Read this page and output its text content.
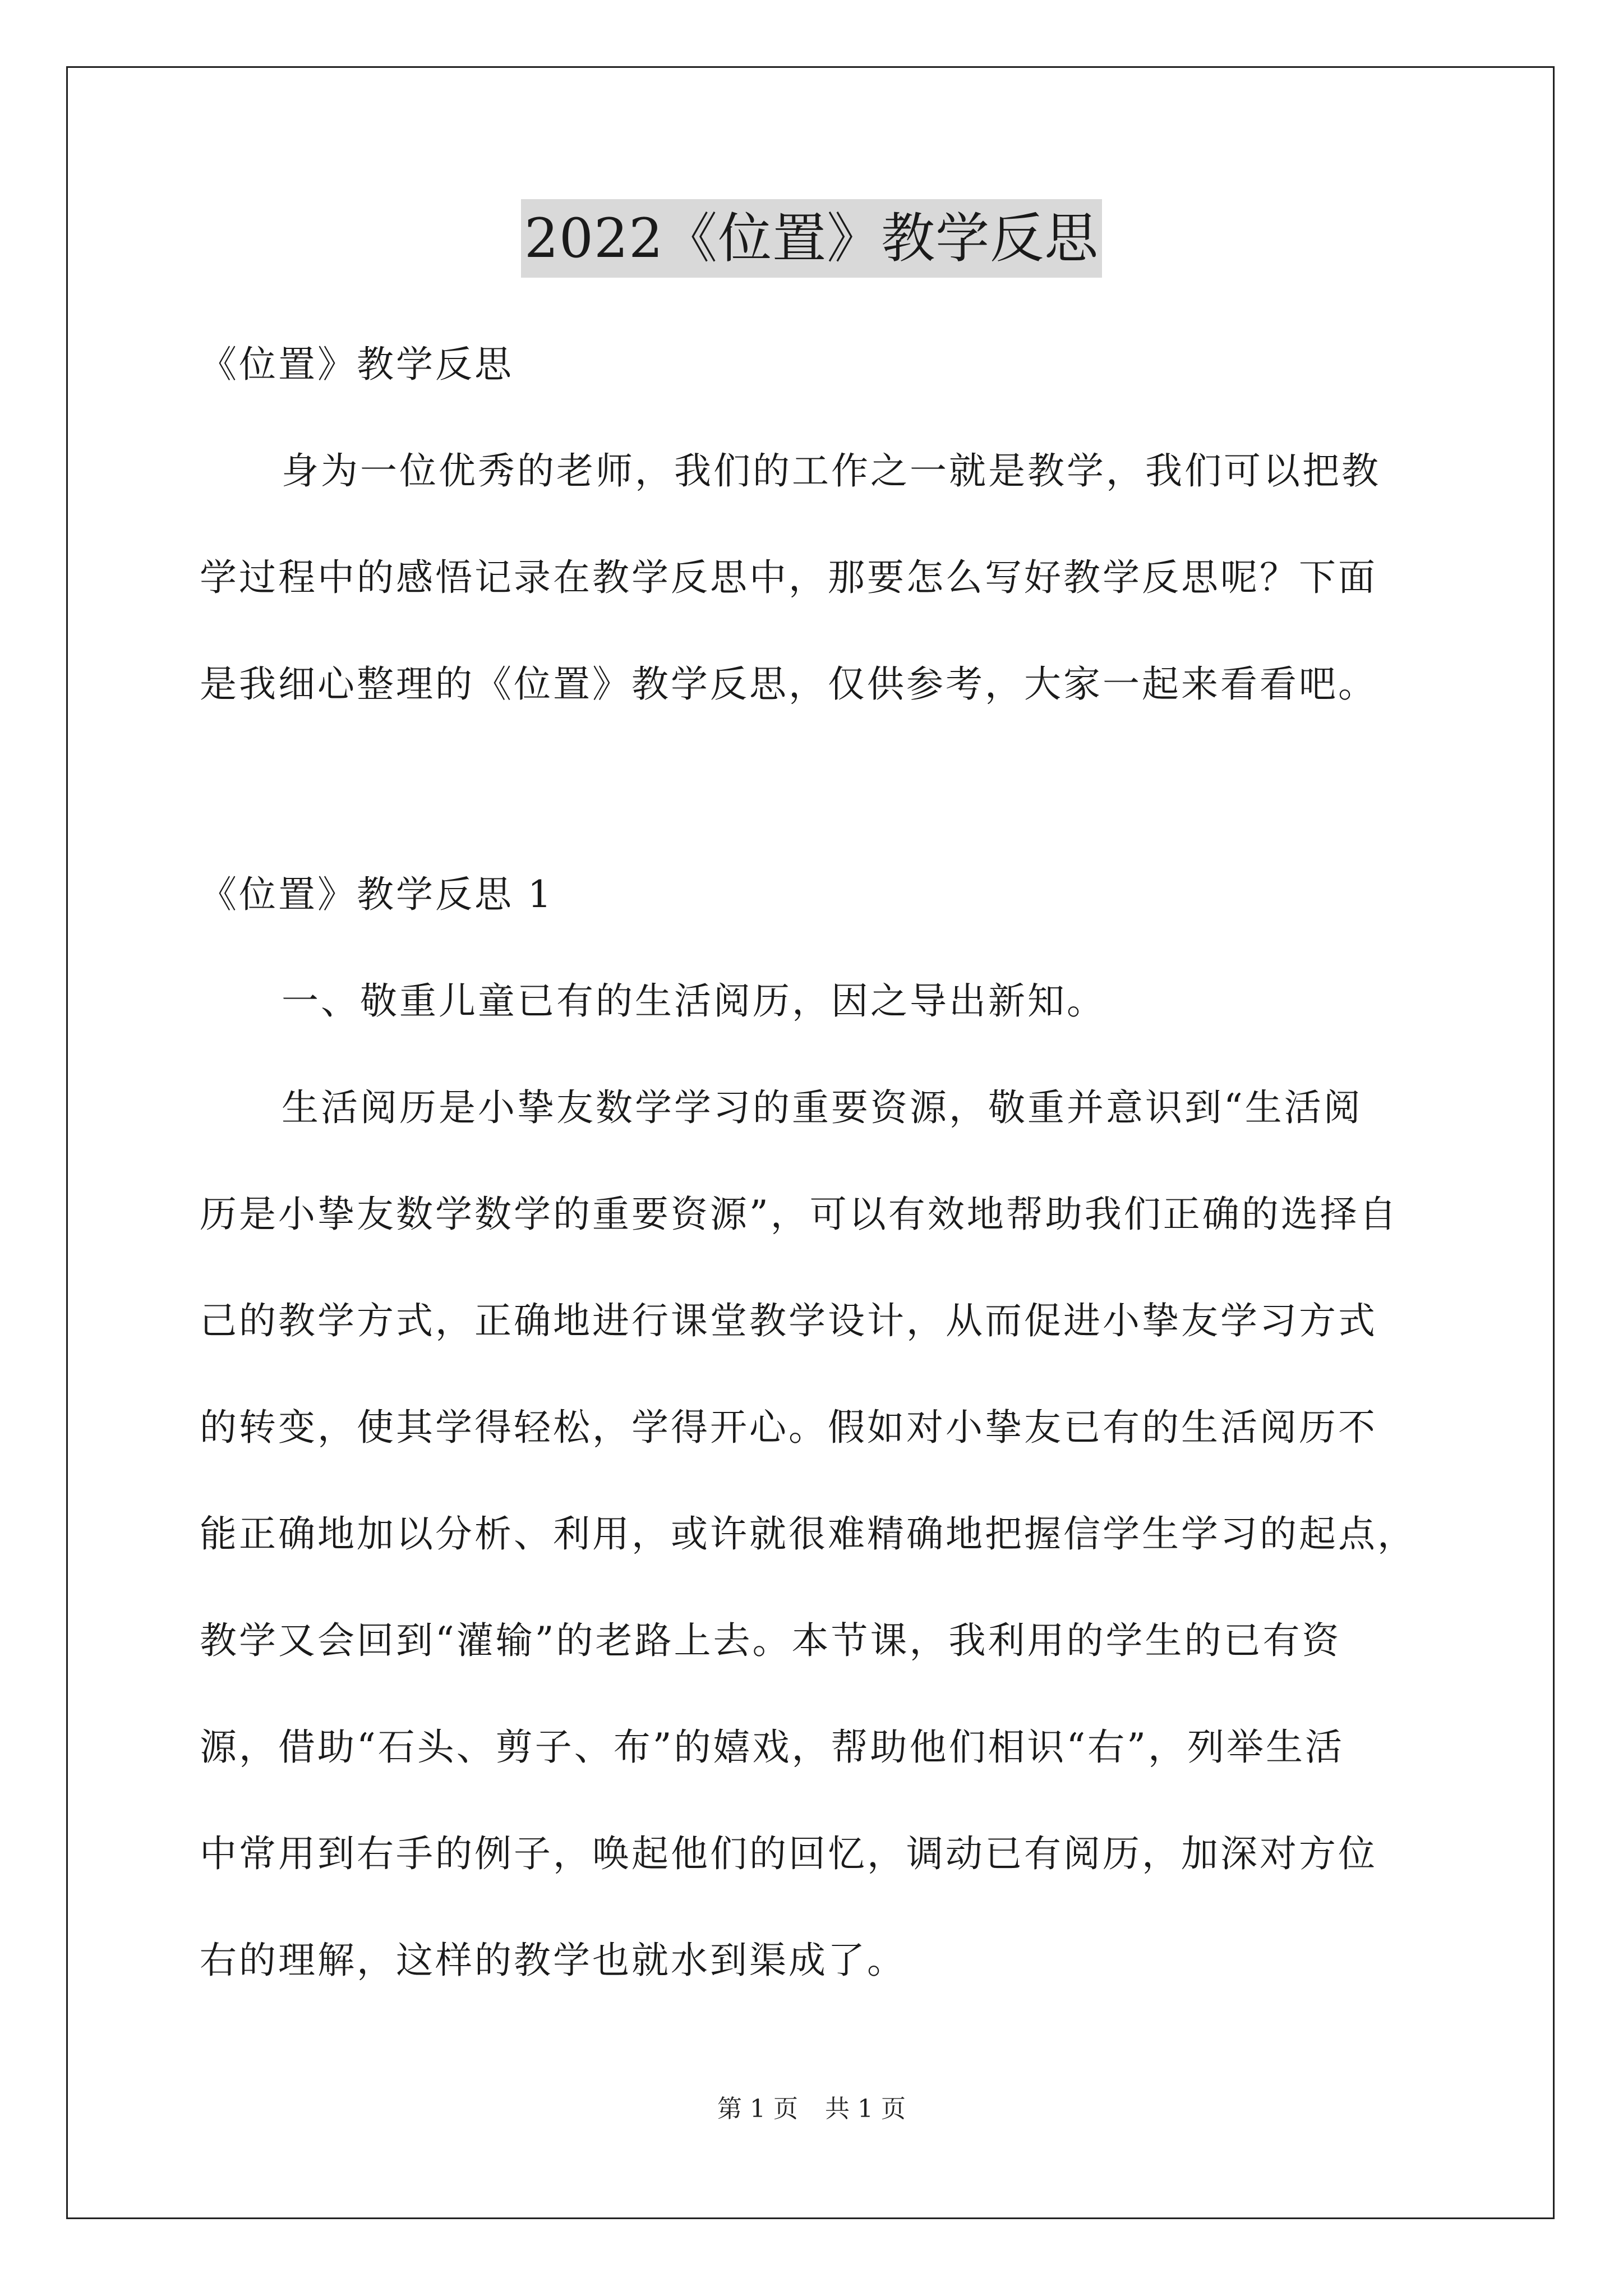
2022《位置》教学反思
《位置》教学反思
身为一位优秀的老师，我们的工作之一就是教学，我们可以把教
学过程中的感悟记录在教学反思中，那要怎么写好教学反思呢？下面
是我细心整理的《位置》教学反思，仅供参考，大家一起来看看吧。
《位置》教学反思 1
一、敬重儿童已有的生活阅历，因之导出新知。
生活阅历是小挚友数学学习的重要资源，敬重并意识到“生活阅
历是小挚友数学数学的重要资源”，可以有效地帮助我们正确的选择自
己的教学方式，正确地进行课堂教学设计，从而促进小挚友学习方式
的转变，使其学得轻松，学得开心。假如对小挚友已有的生活阅历不
能正确地加以分析、利用，或许就很难精确地把握信学生学习的起点，
教学又会回到“灌输”的老路上去。本节课，我利用的学生的已有资
源，借助“石头、剪子、布”的嬉戏，帮助他们相识“右”，列举生活
中常用到右手的例子，唤起他们的回忆，调动已有阅历，加深对方位
右的理解，这样的教学也就水到渠成了。
第 1 页 共 1 页
